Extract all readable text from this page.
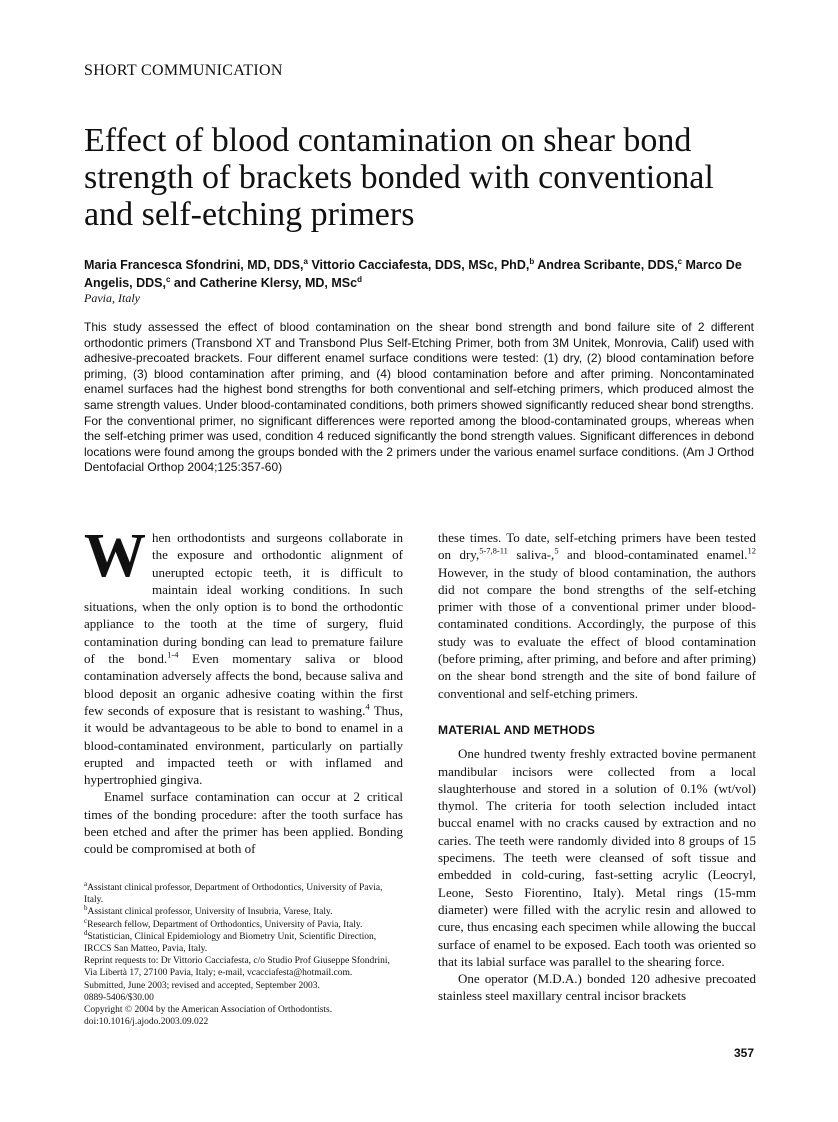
SHORT COMMUNICATION
Effect of blood contamination on shear bond strength of brackets bonded with conventional and self-etching primers

Maria Francesca Sfondrini, MD, DDS,$^a$ Vittorio Cacciafesta, DDS, MSc, PhD,$^b$ Andrea Scribante, DDS,$^c$ Marco De Angelis, DDS,$^c$ and Catherine Klersy, MD, MSc$^d$

Pavia, Italy

This study assessed the effect of blood contamination on the shear bond strength and bond failure site of 2 different orthodontic primers (Transbond XT and Transbond Plus Self-Etching Primer, both from 3M Unitek, Monrovia, Calif) used with adhesive-precoated brackets. Four different enamel surface conditions were tested: (1) dry, (2) blood contamination before priming, (3) blood contamination after priming, and (4) blood contamination before and after priming. Noncontaminated enamel surfaces had the highest bond strengths for both conventional and self-etching primers, which produced almost the same strength values. Under blood-contaminated conditions, both primers showed significantly reduced shear bond strengths. For the conventional primer, no significant differences were reported among the blood-contaminated groups, whereas when the self-etching primer was used, condition 4 reduced significantly the bond strength values. Significant differences in debond locations were found among the groups bonded with the 2 primers under the various enamel surface conditions. (Am J Orthod Dentofacial Orthop 2004;125:357-60)

When orthodontists and surgeons collaborate in the exposure and orthodontic alignment of unerupted ectopic teeth, it is difficult to maintain ideal working conditions. In such situations, when the only option is to bond the orthodontic appliance to the tooth at the time of surgery, fluid contamination during bonding can lead to premature failure of the bond.$^{1-4}$ Even momentary saliva or blood contamination adversely affects the bond, because saliva and blood deposit an organic adhesive coating within the first few seconds of exposure that is resistant to washing.$^4$ Thus, it would be advantageous to be able to bond to enamel in a blood-contaminated environment, particularly on partially erupted and impacted teeth or with inflamed and hypertrophied gingiva.

Enamel surface contamination can occur at 2 critical times of the bonding procedure: after the tooth surface has been etched and after the primer has been applied. Bonding could be compromised at both of

these times. To date, self-etching primers have been tested on dry,$^{5-7,8-11}$ saliva-,$^5$ and blood-contaminated enamel.$^{12}$ However, in the study of blood contamination, the authors did not compare the bond strengths of the self-etching primer with those of a conventional primer under blood-contaminated conditions. Accordingly, the purpose of this study was to evaluate the effect of blood contamination (before priming, after priming, and before and after priming) on the shear bond strength and the site of bond failure of conventional and self-etching primers.

MATERIAL AND METHODS

One hundred twenty freshly extracted bovine permanent mandibular incisors were collected from a local slaughterhouse and stored in a solution of 0.1% (wt/vol) thymol. The criteria for tooth selection included intact buccal enamel with no cracks caused by extraction and no caries. The teeth were randomly divided into 8 groups of 15 specimens. The teeth were cleansed of soft tissue and embedded in cold-curing, fast-setting acrylic (Leocryl, Leone, Sesto Fiorentino, Italy). Metal rings (15-mm diameter) were filled with the acrylic resin and allowed to cure, thus encasing each specimen while allowing the buccal surface of enamel to be exposed. Each tooth was oriented so that its labial surface was parallel to the shearing force.

One operator (M.D.A.) bonded 120 adhesive precoated stainless steel maxillary central incisor brackets

$^a$Assistant clinical professor, Department of Orthodontics, University of Pavia, Italy.
$^b$Assistant clinical professor, University of Insubria, Varese, Italy.
$^c$Research fellow, Department of Orthodontics, University of Pavia, Italy.
$^d$Statistician, Clinical Epidemiology and Biometry Unit, Scientific Direction, IRCCS San Matteo, Pavia, Italy.
Reprint requests to: Dr Vittorio Cacciafesta, c/o Studio Prof Giuseppe Sfondrini, Via Libertà 17, 27100 Pavia, Italy; e-mail, vcacciafesta@hotmail.com.
Submitted, June 2003; revised and accepted, September 2003.
0889-5406/$30.00
Copyright © 2004 by the American Association of Orthodontists.
doi:10.1016/j.ajodo.2003.09.022
357
